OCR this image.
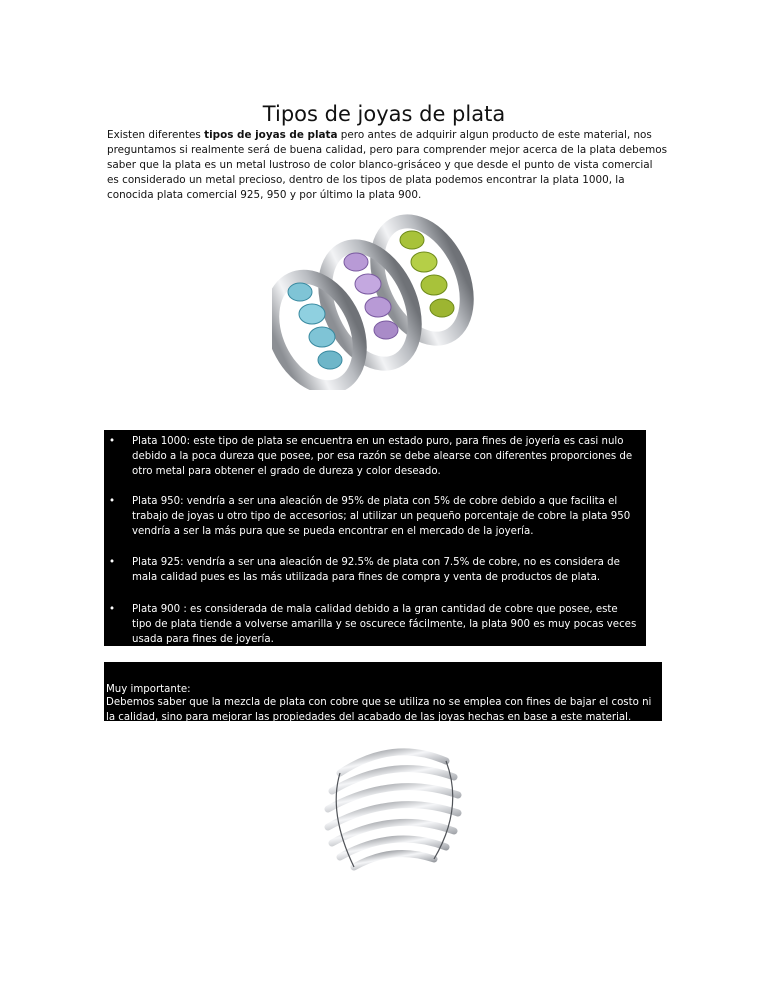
Tipos de joyas de plata

Existen diferentes tipos de joyas de plata pero antes de adquirir algun producto de este material, nos preguntamos si realmente será de buena calidad, pero para comprender mejor acerca de la plata debemos saber que la plata es un metal lustroso de color blanco-grisáceo y que desde el punto de vista comercial es considerado un metal precioso, dentro de los tipos de plata podemos encontrar la plata 1000, la conocida plata comercial 925, 950 y por último la plata 900.

•	Plata 1000: este tipo de plata se encuentra en un estado puro, para fines de joyería es casi nulo debido a la poca dureza que posee, por esa razón se debe alearse con diferentes proporciones de otro metal para obtener el grado de dureza y color deseado.
•	Plata 950: vendría a ser una aleación de 95% de plata con 5% de cobre debido a que facilita el trabajo de joyas u otro tipo de accesorios; al utilizar un pequeño porcentaje de cobre la plata 950 vendría a ser la más pura que se pueda encontrar en el mercado de la joyería.
•	Plata 925: vendría a ser una aleación de 92.5% de plata con 7.5% de cobre, no es considera de mala calidad pues es las más utilizada para fines de compra y venta de productos de plata.
•	Plata 900 : es considerada de mala calidad debido a la gran cantidad de cobre que posee, este tipo de plata tiende a volverse amarilla y se oscurece fácilmente, la plata 900 es muy pocas veces usada para fines de joyería.
Muy importante:
Debemos saber que la mezcla de plata con cobre que se utiliza no se emplea con fines de bajar el costo ni la calidad, sino para mejorar las propiedades del acabado de las joyas hechas en base a este material.
